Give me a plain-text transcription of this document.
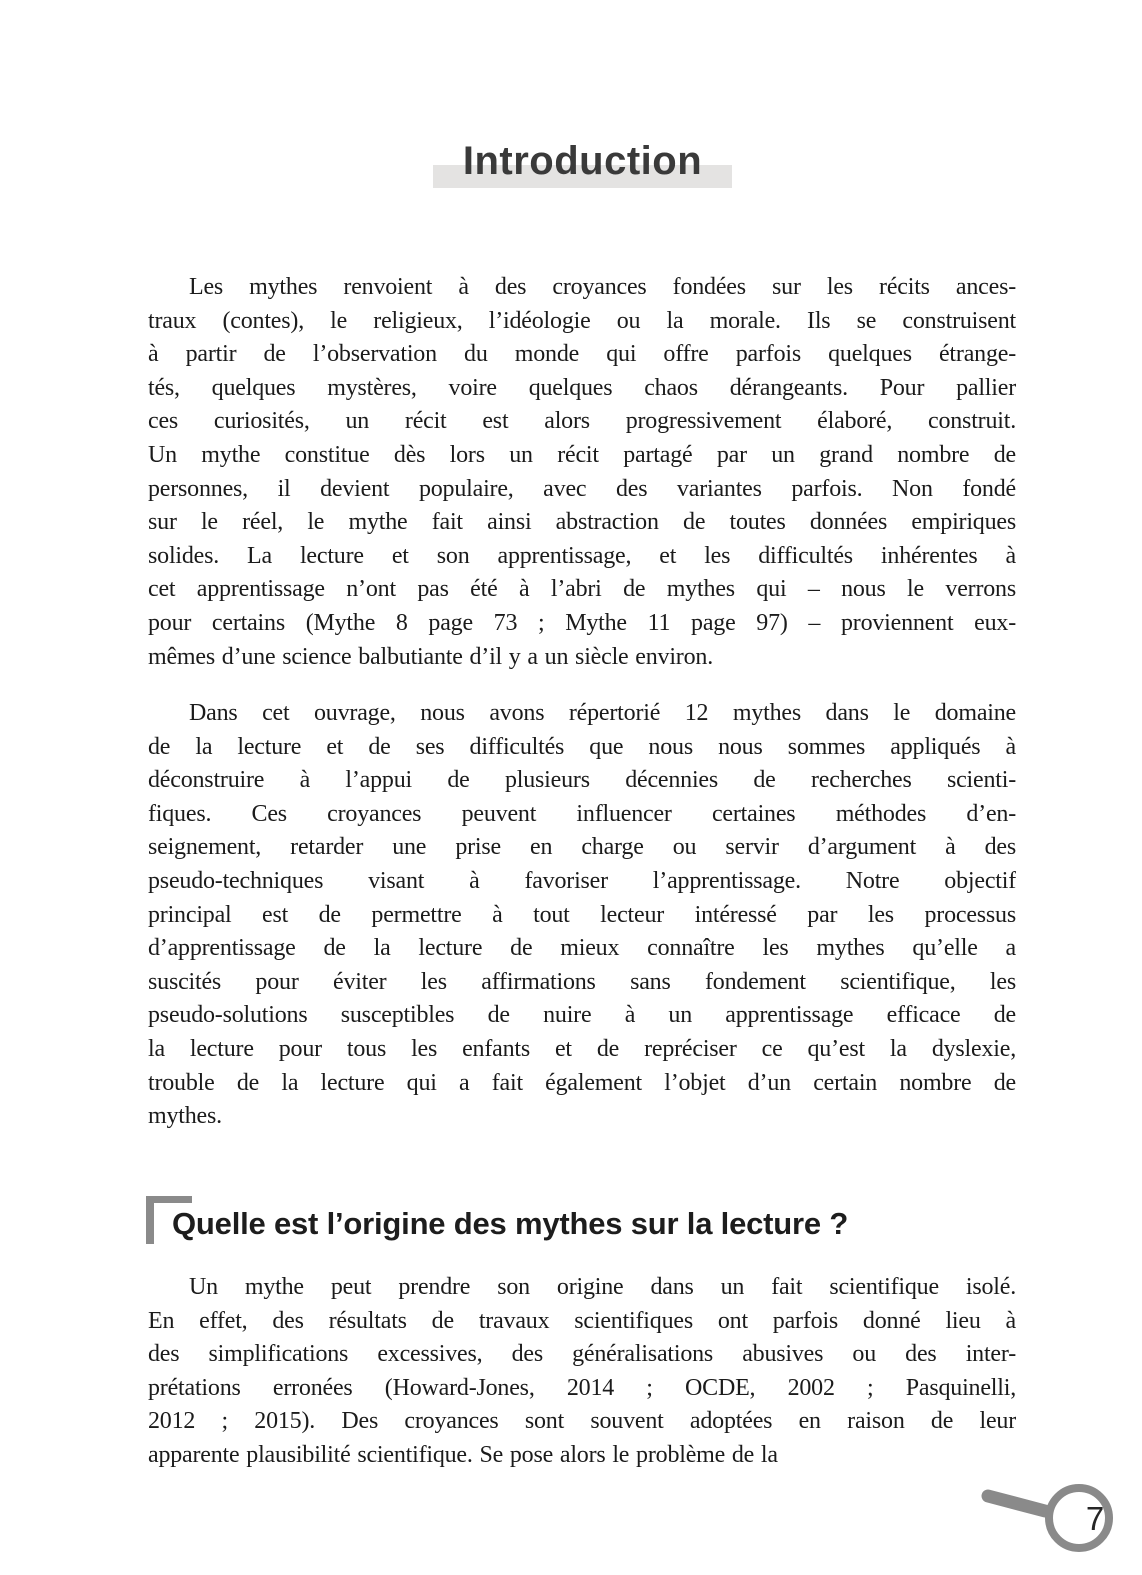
Introduction
Les mythes renvoient à des croyances fondées sur les récits ances-
traux (contes), le religieux, l’idéologie ou la morale. Ils se construisent
à partir de l’observation du monde qui offre parfois quelques étrange-
tés, quelques mystères, voire quelques chaos dérangeants. Pour pallier
ces curiosités, un récit est alors progressivement élaboré, construit.
Un mythe constitue dès lors un récit partagé par un grand nombre de
personnes, il devient populaire, avec des variantes parfois. Non fondé
sur le réel, le mythe fait ainsi abstraction de toutes données empiriques
solides. La lecture et son apprentissage, et les difficultés inhérentes à
cet apprentissage n’ont pas été à l’abri de mythes qui – nous le verrons
pour certains (Mythe 8 page 73 ; Mythe 11 page 97) – proviennent eux-
mêmes d’une science balbutiante d’il y a un siècle environ.
Dans cet ouvrage, nous avons répertorié 12 mythes dans le domaine
de la lecture et de ses difficultés que nous nous sommes appliqués à
déconstruire à l’appui de plusieurs décennies de recherches scienti-
fiques. Ces croyances peuvent influencer certaines méthodes d’en-
seignement, retarder une prise en charge ou servir d’argument à des
pseudo-techniques visant à favoriser l’apprentissage. Notre objectif
principal est de permettre à tout lecteur intéressé par les processus
d’apprentissage de la lecture de mieux connaître les mythes qu’elle a
suscités pour éviter les affirmations sans fondement scientifique, les
pseudo-solutions susceptibles de nuire à un apprentissage efficace de
la lecture pour tous les enfants et de repréciser ce qu’est la dyslexie,
trouble de la lecture qui a fait également l’objet d’un certain nombre de
mythes.
Quelle est l’origine des mythes sur la lecture ?
Un mythe peut prendre son origine dans un fait scientifique isolé.
En effet, des résultats de travaux scientifiques ont parfois donné lieu à
des simplifications excessives, des généralisations abusives ou des inter-
prétations erronées (Howard-Jones, 2014 ; OCDE, 2002 ; Pasquinelli,
2012 ; 2015). Des croyances sont souvent adoptées en raison de leur
apparente plausibilité scientifique. Se pose alors le problème de la
7
